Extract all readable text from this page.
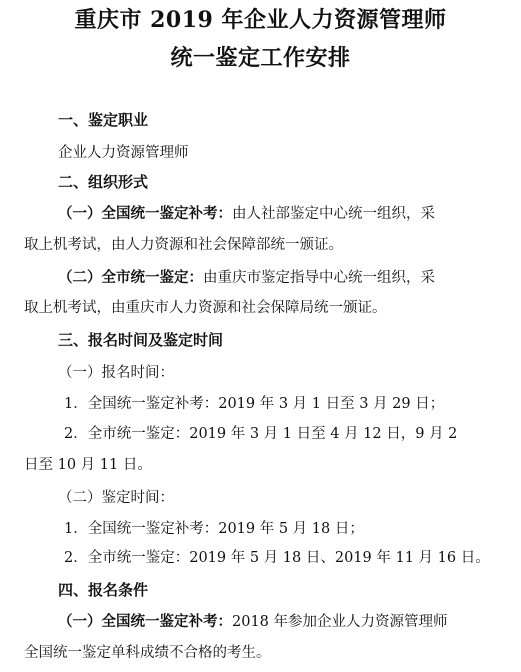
重庆市 2019 年企业人力资源管理师
统一鉴定工作安排
一、鉴定职业
企业人力资源管理师
二、组织形式
（一）全国统一鉴定补考：由人社部鉴定中心统一组织，采
取上机考试，由人力资源和社会保障部统一颁证。
（二）全市统一鉴定：由重庆市鉴定指导中心统一组织，采
取上机考试，由重庆市人力资源和社会保障局统一颁证。
三、报名时间及鉴定时间
（一）报名时间：
1．全国统一鉴定补考：2019 年 3 月 1 日至 3 月 29 日；
2．全市统一鉴定：2019 年 3 月 1 日至 4 月 12 日，9 月 2
日至 10 月 11 日。
（二）鉴定时间：
1．全国统一鉴定补考：2019 年 5 月 18 日；
2．全市统一鉴定：2019 年 5 月 18 日、2019 年 11 月 16 日。
四、报名条件
（一）全国统一鉴定补考：2018 年参加企业人力资源管理师
全国统一鉴定单科成绩不合格的考生。
